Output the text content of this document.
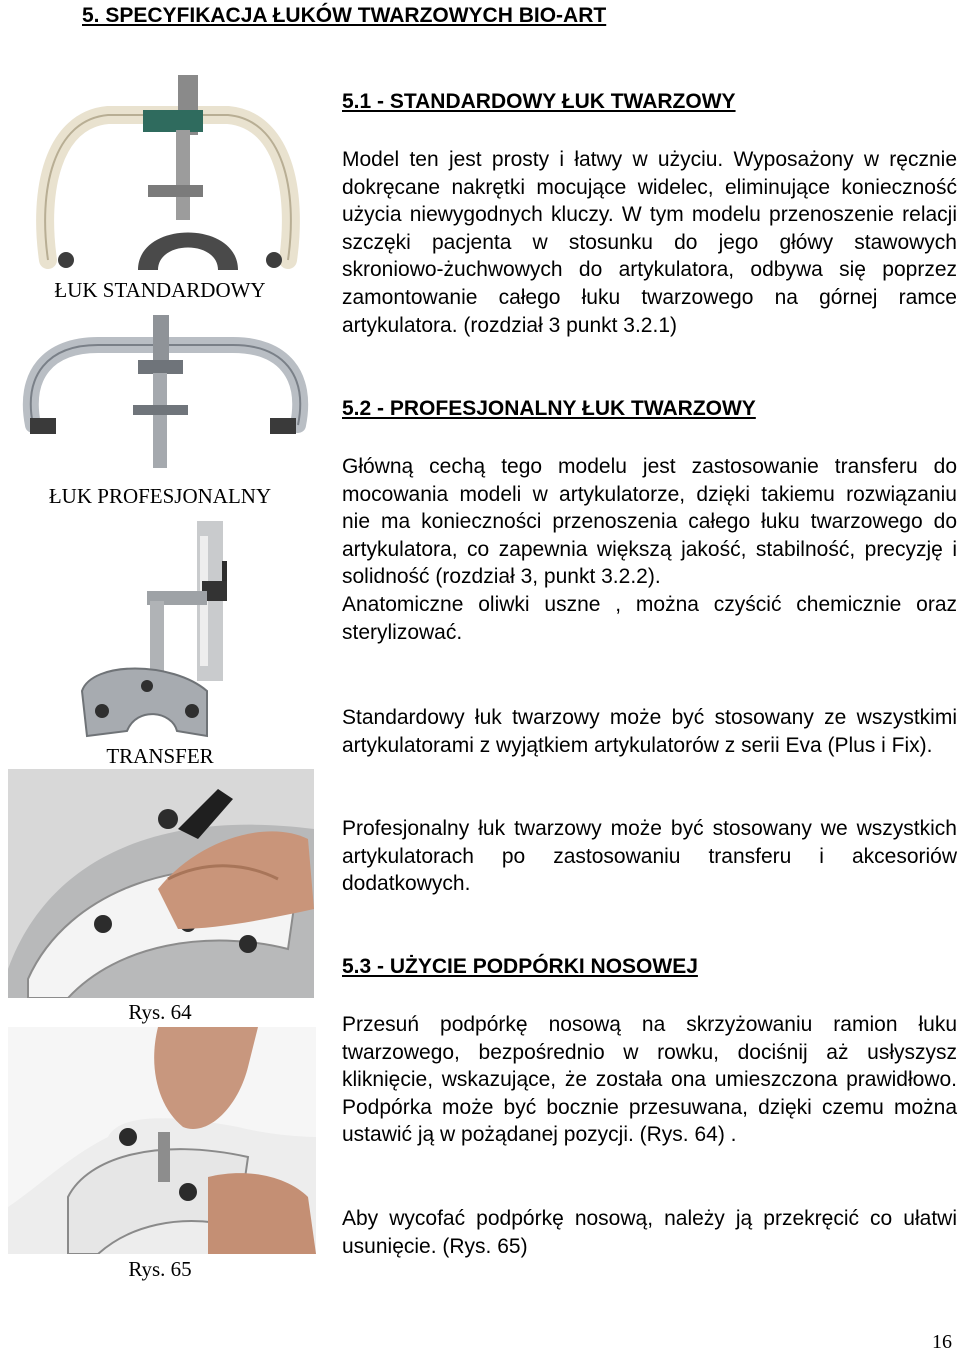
5. SPECYFIKACJA ŁUKÓW TWARZOWYCH BIO-ART
ŁUK STANDARDOWY
ŁUK PROFESJONALNY
TRANSFER
Rys. 64
Rys. 65
5.1 - STANDARDOWY ŁUK TWARZOWY

Model ten jest prosty i łatwy w użyciu. Wyposażony w ręcznie dokręcane nakrętki mocujące widelec, eliminujące konieczność użycia niewygodnych kluczy. W tym modelu przenoszenie relacji szczęki pacjenta w stosunku do jego główy stawowych skroniowo-żuchwowych do artykulatora, odbywa się poprzez zamontowanie całego łuku twarzowego na górnej ramce artykulatora. (rozdział 3 punkt 3.2.1)

5.2 - PROFESJONALNY ŁUK TWARZOWY

Główną cechą tego modelu jest zastosowanie transferu do mocowania modeli w artykulatorze, dzięki takiemu rozwiązaniu nie ma konieczności przenoszenia całego łuku twarzowego do artykulatora, co zapewnia większą jakość, stabilność, precyzję i solidność (rozdział 3, punkt 3.2.2).

Anatomiczne oliwki uszne , można czyścić chemicznie oraz sterylizować.

Standardowy łuk twarzowy może być stosowany ze wszystkimi artykulatorami z wyjątkiem artykulatorów z serii Eva (Plus i Fix).

Profesjonalny łuk twarzowy może być stosowany we wszystkich artykulatorach po zastosowaniu transferu i akcesoriów dodatkowych.

5.3 - UŻYCIE PODPÓRKI NOSOWEJ

Przesuń podpórkę nosową na skrzyżowaniu ramion łuku twarzowego, bezpośrednio w rowku, dociśnij aż usłyszysz kliknięcie, wskazujące, że została ona umieszczona prawidłowo. Podpórka może być bocznie przesuwana, dzięki czemu można ustawić ją w pożądanej pozycji. (Rys. 64) .

Aby wycofać podpórkę nosową, należy ją przekręcić co ułatwi usunięcie. (Rys. 65)

16
